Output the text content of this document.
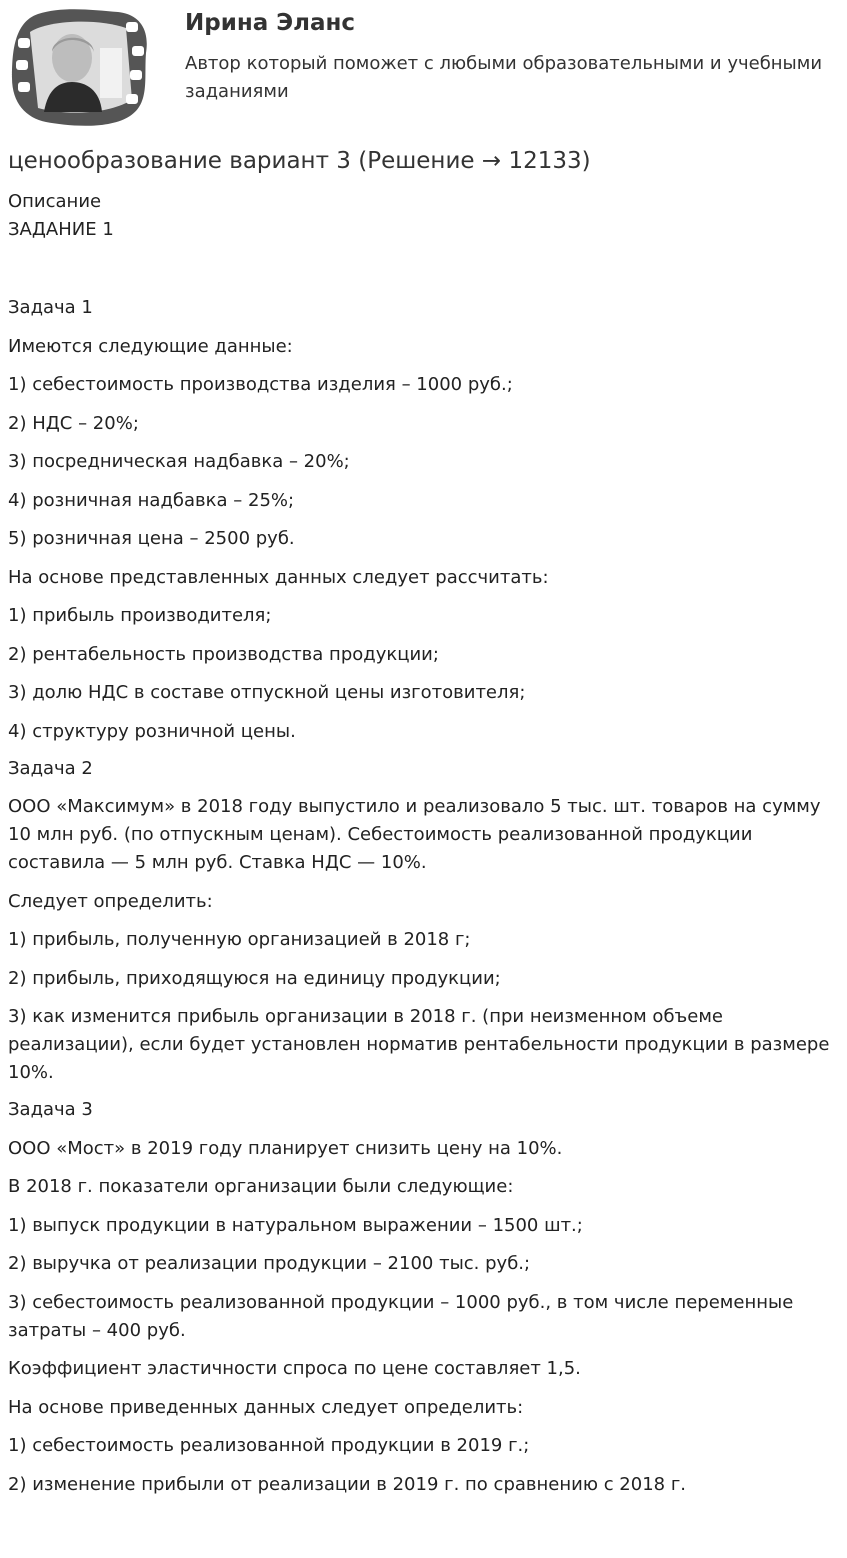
Ирина Эланс
Автор который поможет с любыми образовательными и учебными заданиями
ценообразование вариант 3 (Решение → 12133)

Описание

ЗАДАНИЕ 1

Задача 1

Имеются следующие данные:

1) себестоимость производства изделия – 1000 руб.;

2) НДС – 20%;

3) посредническая надбавка – 20%;

4) розничная надбавка – 25%;

5) розничная цена – 2500 руб.

На основе представленных данных следует рассчитать:

1) прибыль производителя;

2) рентабельность производства продукции;

3) долю НДС в составе отпускной цены изготовителя;

4) структуру розничной цены.

Задача 2

ООО «Максимум» в 2018 году выпустило и реализовало 5 тыс. шт. товаров на сумму 10 млн руб. (по отпускным ценам). Себестоимость реализованной продукции составила — 5 млн руб. Ставка НДС — 10%.

Следует определить:

1) прибыль, полученную организацией в 2018 г;

2) прибыль, приходящуюся на единицу продукции;

3) как изменится прибыль организации в 2018 г. (при неизменном объеме реализации), если будет установлен норматив рентабельности продукции в размере 10%.

Задача 3

ООО «Мост» в 2019 году планирует снизить цену на 10%.

В 2018 г. показатели организации были следующие:

1) выпуск продукции в натуральном выражении – 1500 шт.;

2) выручка от реализации продукции – 2100 тыс. руб.;

3) себестоимость реализованной продукции – 1000 руб., в том числе переменные затраты – 400 руб.

Коэффициент эластичности спроса по цене составляет 1,5.

На основе приведенных данных следует определить:

1) себестоимость реализованной продукции в 2019 г.;

2) изменение прибыли от реализации в 2019 г. по сравнению с 2018 г.
